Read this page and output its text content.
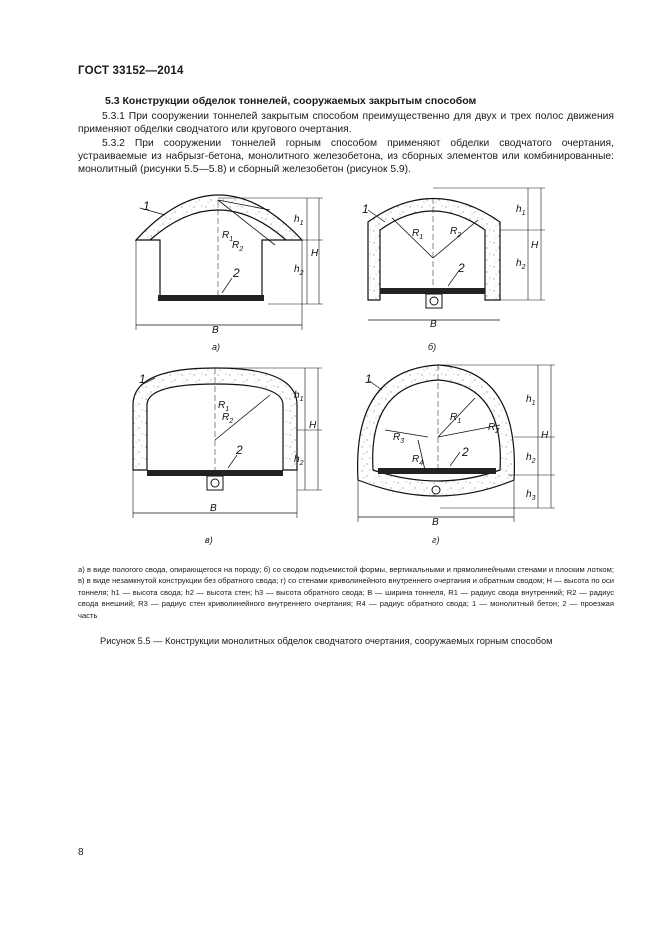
ГОСТ 33152—2014
5.3 Конструкции обделок тоннелей, сооружаемых закрытым способом
5.3.1 При сооружении тоннелей закрытым способом преимущественно для двух и трех полос движения применяют обделки сводчатого или кругового очертания.
5.3.2 При сооружении тоннелей горным способом применяют обделки сводчатого очертания, устраиваемые из набрызг-бетона, монолитного железобетона, из сборных элементов или комбинированные: монолитный (рисунки 5.5—5.8) и сборный железобетон (рисунок 5.9).
1
2
$R_1$
$R_2$
$h_1$
$h_2$
H
B
а)
1
2
$R_1$
$R_2$
$h_1$
$h_2$
H
B
б)
1
2
$R_1$
$R_2$
$h_1$
$h_2$
H
B
в)
1
2
$R_1$
$R_2$
$R_3$
$R_4$
$h_1$
$h_2$
$h_3$
H
B
г)
а) в виде пологого свода, опирающегося на породу; б) со сводом подъемистой формы, вертикальными и прямолинейными стенами и плоским лотком; в) в виде незамкнутой конструкции без обратного свода; г) со стенами криволинейного внутреннего очертания и обратным сводом; H — высота по оси тоннеля; h1 — высота свода; h2 — высота стен; h3 — высота обратного свода; B — ширина тоннеля, R1 — радиус свода внутренний; R2 — радиус свода внешний; R3 — радиус стен криволинейного внутреннего очертания; R4 — радиус обратного свода; 1 — монолитный бетон; 2 — проезжая часть
Рисунок 5.5 — Конструкции монолитных обделок сводчатого очертания, сооружаемых горным способом
8
